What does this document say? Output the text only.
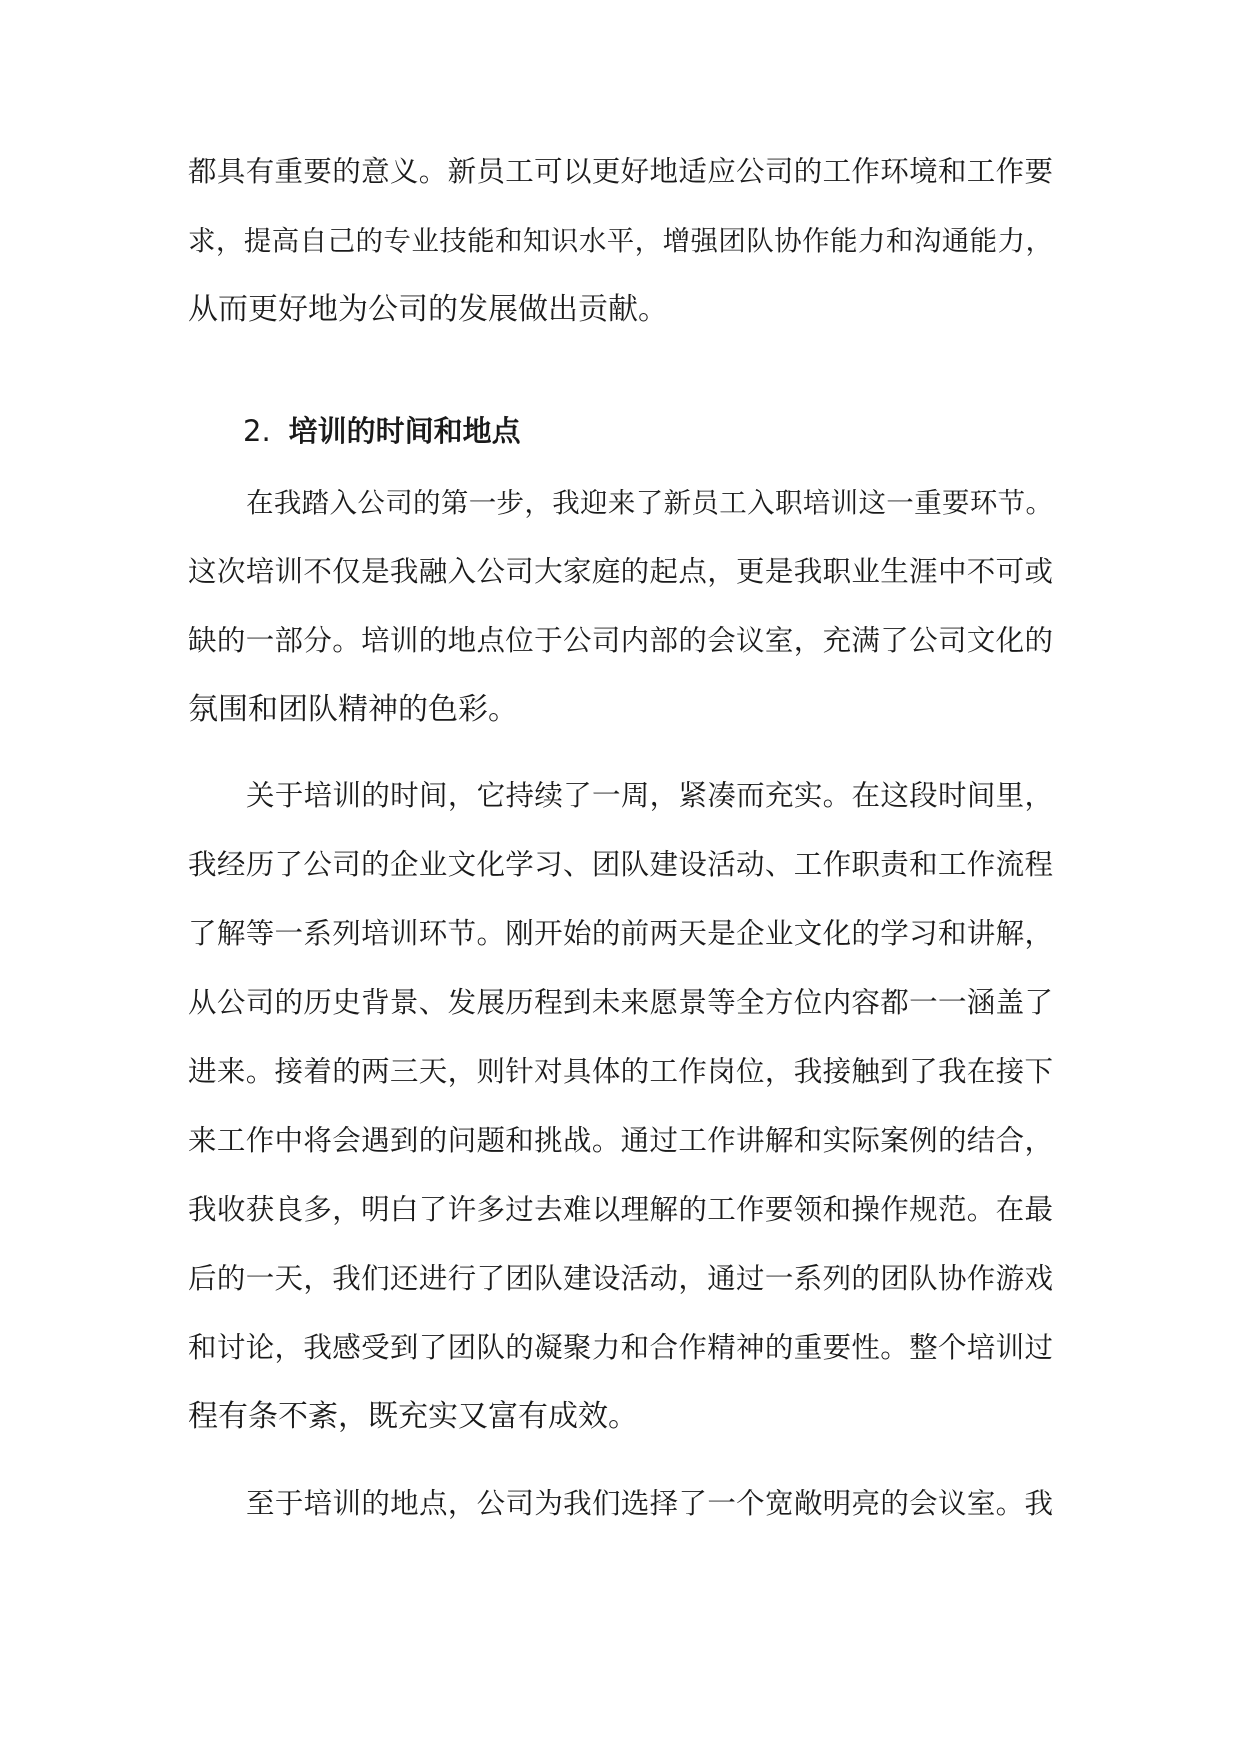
都具有重要的意义。新员工可以更好地适应公司的工作环境和工作要
求，提高自己的专业技能和知识水平，增强团队协作能力和沟通能力，
从而更好地为公司的发展做出贡献。
2. 培训的时间和地点
在我踏入公司的第一步，我迎来了新员工入职培训这一重要环节。
这次培训不仅是我融入公司大家庭的起点，更是我职业生涯中不可或
缺的一部分。培训的地点位于公司内部的会议室，充满了公司文化的
氛围和团队精神的色彩。
关于培训的时间，它持续了一周，紧凑而充实。在这段时间里，
我经历了公司的企业文化学习、团队建设活动、工作职责和工作流程
了解等一系列培训环节。刚开始的前两天是企业文化的学习和讲解，
从公司的历史背景、发展历程到未来愿景等全方位内容都一一涵盖了
进来。接着的两三天，则针对具体的工作岗位，我接触到了我在接下
来工作中将会遇到的问题和挑战。通过工作讲解和实际案例的结合，
我收获良多，明白了许多过去难以理解的工作要领和操作规范。在最
后的一天，我们还进行了团队建设活动，通过一系列的团队协作游戏
和讨论，我感受到了团队的凝聚力和合作精神的重要性。整个培训过
程有条不紊，既充实又富有成效。
至于培训的地点，公司为我们选择了一个宽敞明亮的会议室。我
